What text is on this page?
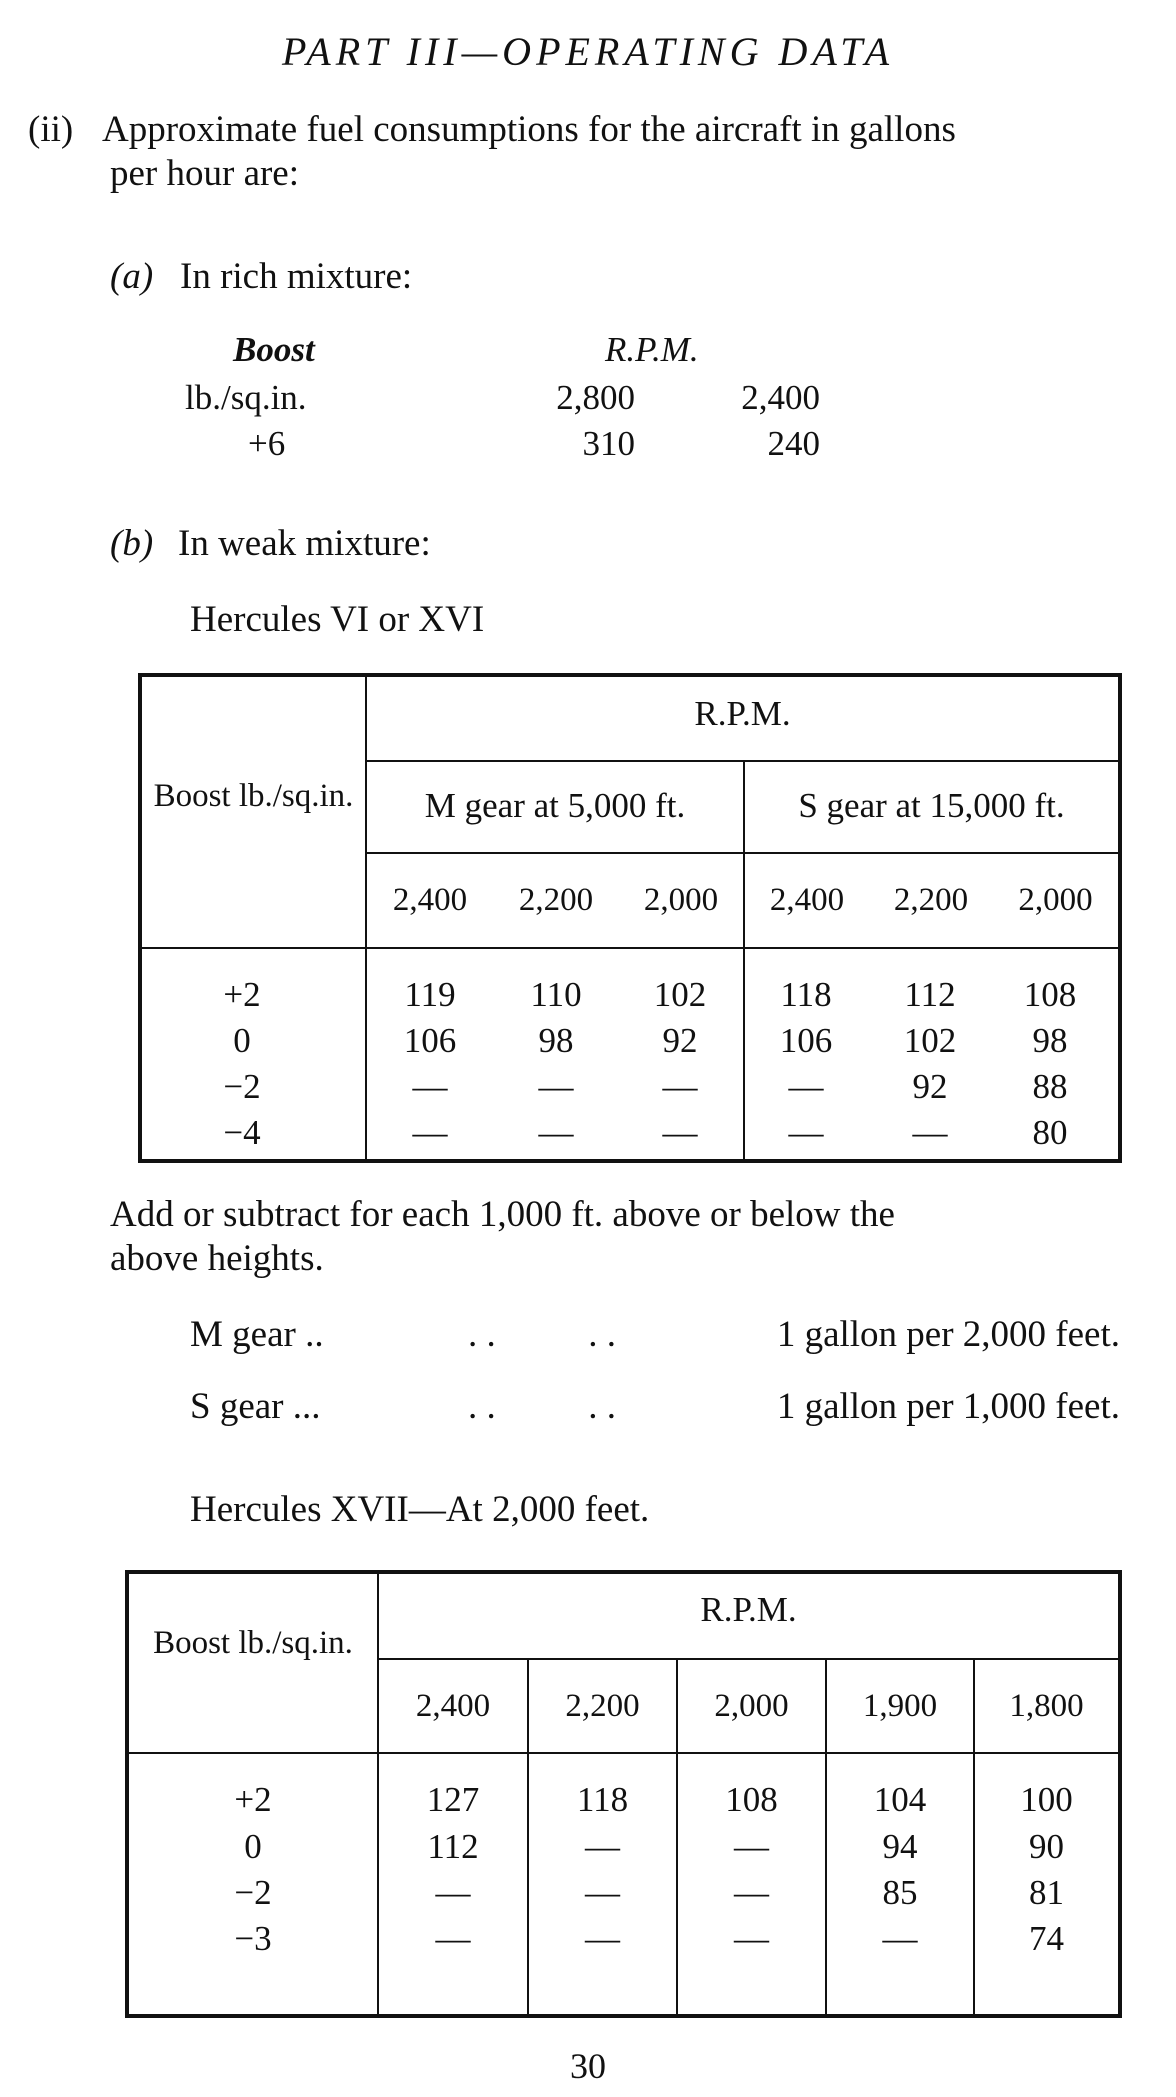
PART III—OPERATING DATA
(ii) Approximate fuel consumptions for the aircraft in gallons
per hour are:
(a) In rich mixture:
Boost	R.P.M.
lb./sq.in.	2,800	2,400
+6	310	240
(b) In weak mixture:
Hercules VI or XVI
Boost lb./sq.in.
R.P.M.
M gear at 5,000 ft.	S gear at 15,000 ft.
2,400	2,200	2,000	2,400	2,200	2,000
+2	119	110	102	118	112	108
0	106	98	92	106	102	98
−2	—	—	—	—	92	88
−4	—	—	—	—	—	80
Add or subtract for each 1,000 ft. above or below the
above heights.
M gear ..	. .          . .	1 gallon per 2,000 feet.
S gear ...	. .          . .	1 gallon per 1,000 feet.
Hercules XVII—At 2,000 feet.
Boost lb./sq.in.
R.P.M.
2,400	2,200	2,000	1,900	1,800
+2	127	118	108	104	100
0	112	—	—	94	90
−2	—	—	—	85	81
−3	—	—	—	—	74
30
